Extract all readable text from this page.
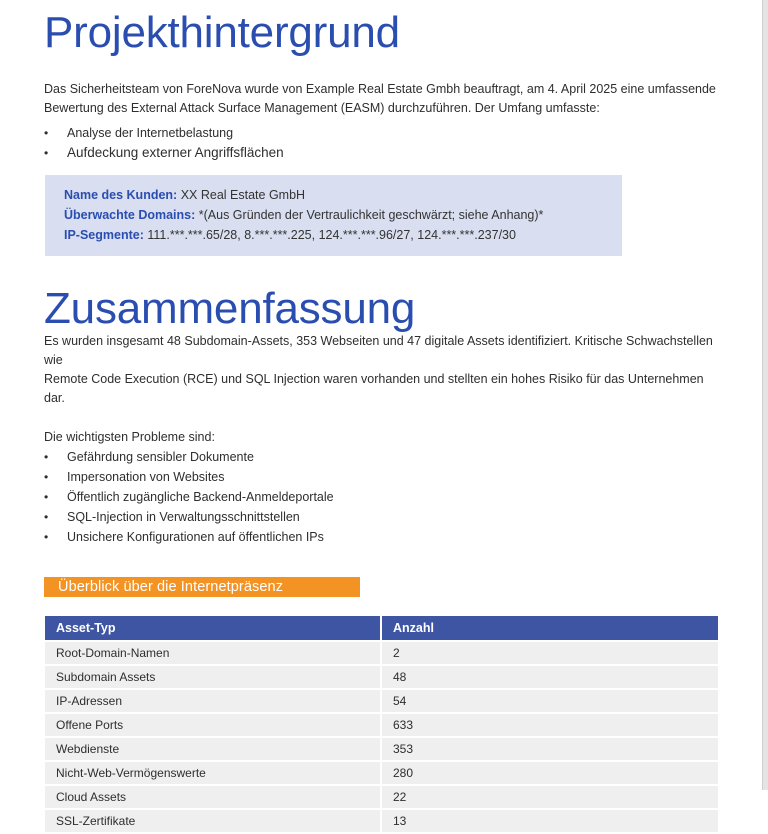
Projekthintergrund

Das Sicherheitsteam von ForeNova wurde von Example Real Estate Gmbh beauftragt, am 4. April 2025 eine umfassende
Bewertung des External Attack Surface Management (EASM) durchzuführen. Der Umfang umfasste:

• Analyse der Internetbelastung
• Aufdeckung externer Angriffsflächen
Name des Kunden: XX Real Estate GmbH
Überwachte Domains: *(Aus Gründen der Vertraulichkeit geschwärzt; siehe Anhang)*
IP-Segmente: 111.***.***.65/28, 8.***.***.225, 124.***.***.96/27, 124.***.***.237/30
Zusammenfassung

Es wurden insgesamt 48 Subdomain-Assets, 353 Webseiten und 47 digitale Assets identifiziert. Kritische Schwachstellen wie
Remote Code Execution (RCE) und SQL Injection waren vorhanden und stellten ein hohes Risiko für das Unternehmen dar.

Die wichtigsten Probleme sind:

• Gefährdung sensibler Dokumente
• Impersonation von Websites
• Öffentlich zugängliche Backend-Anmeldeportale
• SQL-Injection in Verwaltungsschnittstellen
• Unsichere Konfigurationen auf öffentlichen IPs
Überblick über die Internetpräsenz
Asset-Typ	Anzahl
Root-Domain-Namen	2
Subdomain Assets	48
IP-Adressen	54
Offene Ports	633
Webdienste	353
Nicht-Web-Vermögenswerte	280
Cloud Assets	22
SSL-Zertifikate	13
